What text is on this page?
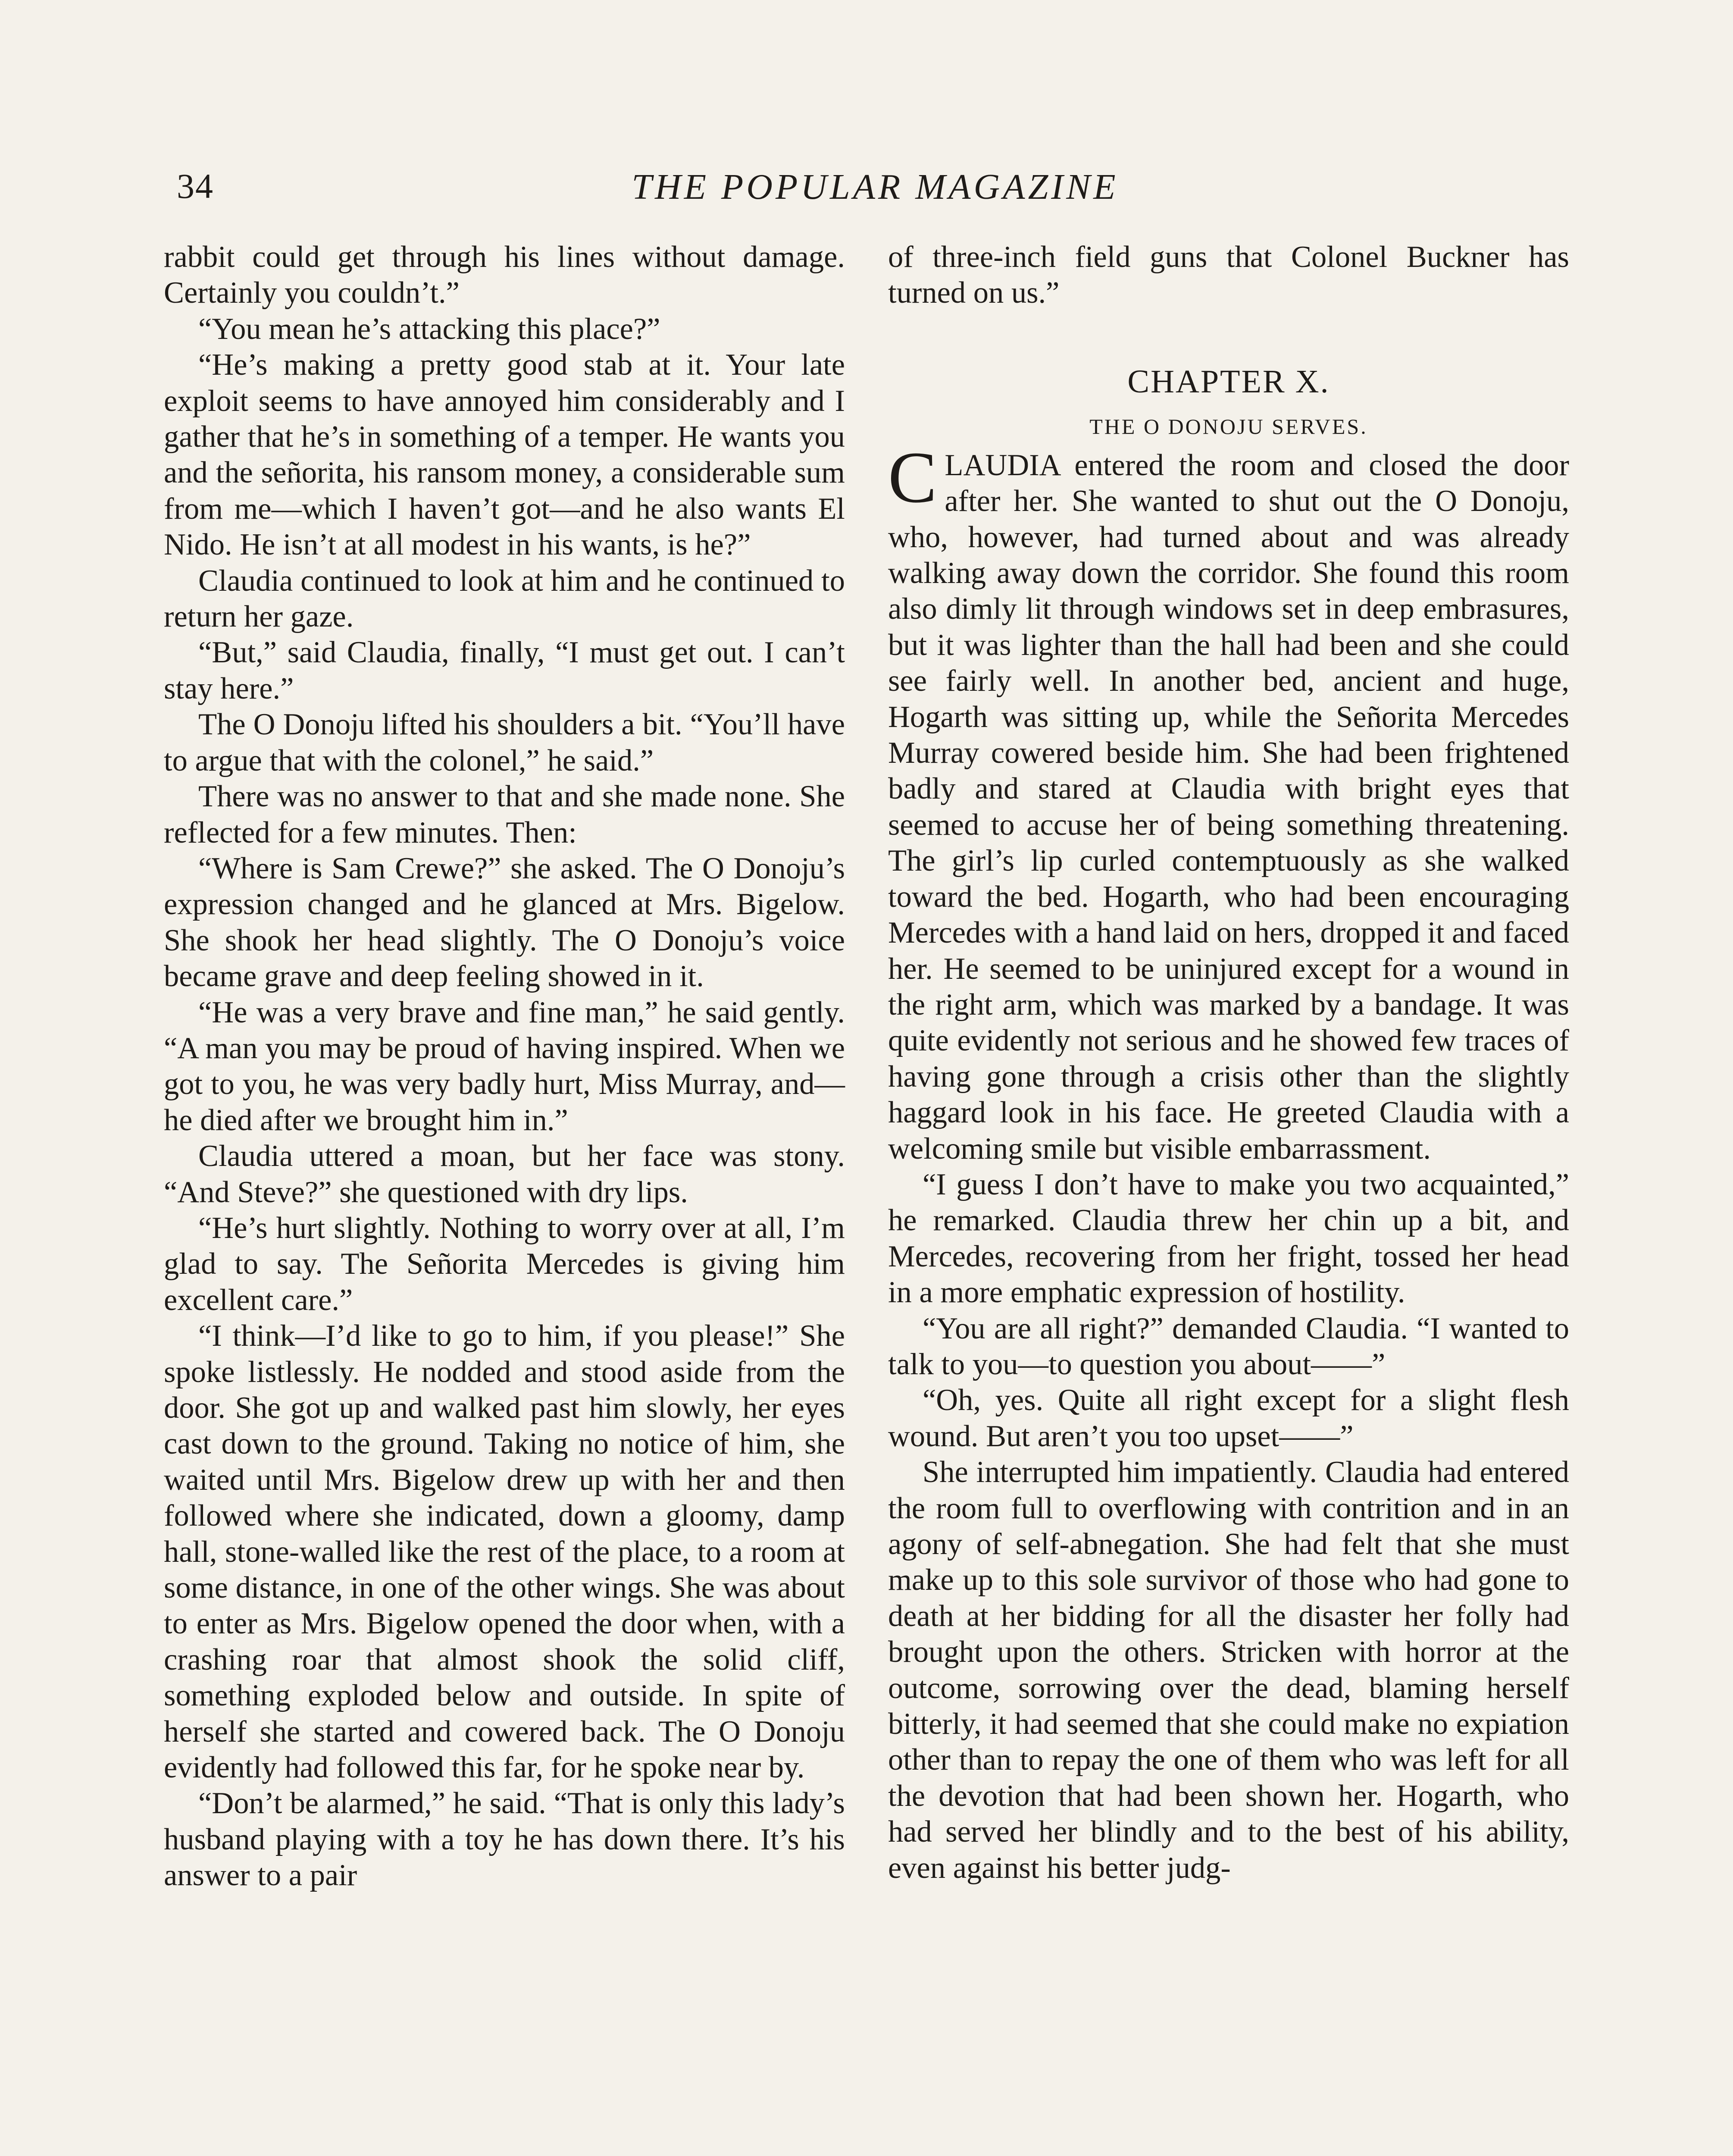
34	THE POPULAR MAGAZINE

rabbit could get through his lines without damage. Certainly you couldn’t.”

“You mean he’s attacking this place?”

“He’s making a pretty good stab at it. Your late exploit seems to have annoyed him considerably and I gather that he’s in something of a temper. He wants you and the señorita, his ransom money, a considerable sum from me—which I haven’t got—and he also wants El Nido. He isn’t at all modest in his wants, is he?”

Claudia continued to look at him and he continued to return her gaze.

“But,” said Claudia, finally, “I must get out. I can’t stay here.”

The O Donoju lifted his shoulders a bit. “You’ll have to argue that with the colonel,” he said.”

There was no answer to that and she made none. She reflected for a few minutes. Then:

“Where is Sam Crewe?” she asked. The O Donoju’s expression changed and he glanced at Mrs. Bigelow. She shook her head slightly. The O Donoju’s voice became grave and deep feeling showed in it.

“He was a very brave and fine man,” he said gently. “A man you may be proud of having inspired. When we got to you, he was very badly hurt, Miss Murray, and—he died after we brought him in.”

Claudia uttered a moan, but her face was stony. “And Steve?” she questioned with dry lips.

“He’s hurt slightly. Nothing to worry over at all, I’m glad to say. The Señorita Mercedes is giving him excellent care.”

“I think—I’d like to go to him, if you please!” She spoke listlessly. He nodded and stood aside from the door. She got up and walked past him slowly, her eyes cast down to the ground. Taking no notice of him, she waited until Mrs. Bigelow drew up with her and then followed where she indicated, down a gloomy, damp hall, stone-walled like the rest of the place, to a room at some distance, in one of the other wings. She was about to enter as Mrs. Bigelow opened the door when, with a crashing roar that almost shook the solid cliff, something exploded below and outside. In spite of herself she started and cowered back. The O Donoju evidently had followed this far, for he spoke near by.

“Don’t be alarmed,” he said. “That is only this lady’s husband playing with a toy he has down there. It’s his answer to a pair

of three-inch field guns that Colonel Buckner has turned on us.”

CHAPTER X.
THE O DONOJU SERVES.

CLAUDIA entered the room and closed the door after her. She wanted to shut out the O Donoju, who, however, had turned about and was already walking away down the corridor. She found this room also dimly lit through windows set in deep embrasures, but it was lighter than the hall had been and she could see fairly well. In another bed, ancient and huge, Hogarth was sitting up, while the Señorita Mercedes Murray cowered beside him. She had been frightened badly and stared at Claudia with bright eyes that seemed to accuse her of being something threatening. The girl’s lip curled contemptuously as she walked toward the bed. Hogarth, who had been encouraging Mercedes with a hand laid on hers, dropped it and faced her. He seemed to be uninjured except for a wound in the right arm, which was marked by a bandage. It was quite evidently not serious and he showed few traces of having gone through a crisis other than the slightly haggard look in his face. He greeted Claudia with a welcoming smile but visible embarrassment.

“I guess I don’t have to make you two acquainted,” he remarked. Claudia threw her chin up a bit, and Mercedes, recovering from her fright, tossed her head in a more emphatic expression of hostility.

“You are all right?” demanded Claudia. “I wanted to talk to you—to question you about——”

“Oh, yes. Quite all right except for a slight flesh wound. But aren’t you too upset——”

She interrupted him impatiently. Claudia had entered the room full to overflowing with contrition and in an agony of self-abnegation. She had felt that she must make up to this sole survivor of those who had gone to death at her bidding for all the disaster her folly had brought upon the others. Stricken with horror at the outcome, sorrowing over the dead, blaming herself bitterly, it had seemed that she could make no expiation other than to repay the one of them who was left for all the devotion that had been shown her. Hogarth, who had served her blindly and to the best of his ability, even against his better judg-
